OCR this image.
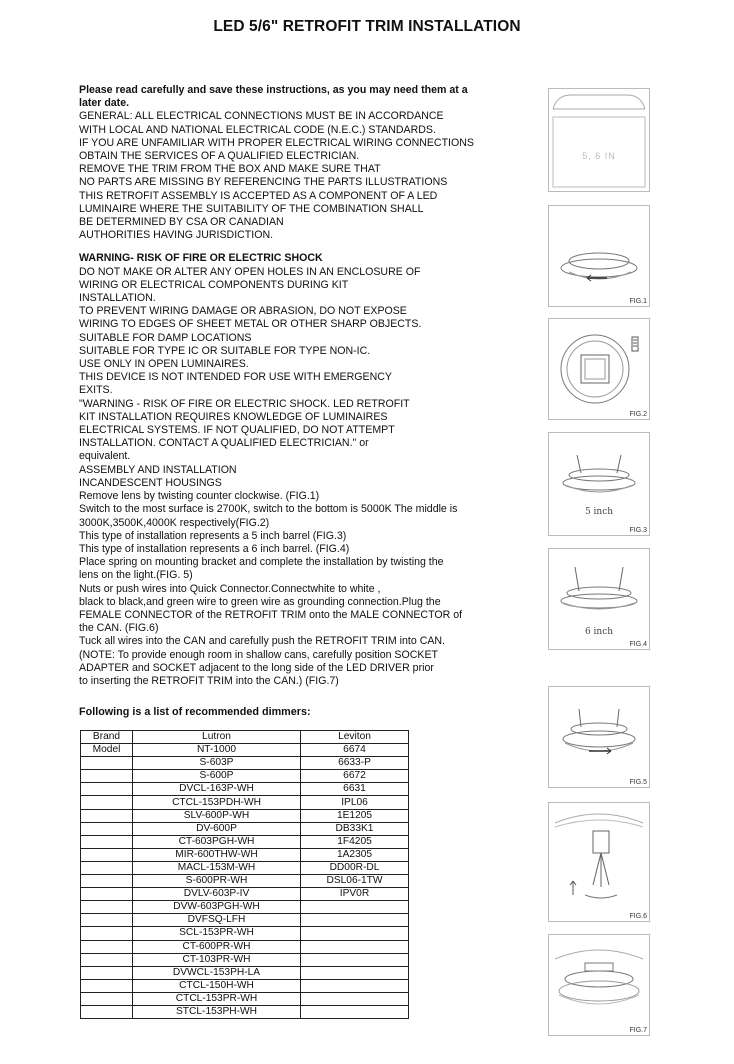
LED 5/6" RETROFIT TRIM INSTALLATION

Please read carefully and save these instructions, as you may need them at a
later date.

GENERAL: ALL ELECTRICAL CONNECTIONS MUST BE IN ACCORDANCE
WITH LOCAL AND NATIONAL ELECTRICAL CODE (N.E.C.) STANDARDS.
IF YOU ARE UNFAMILIAR WITH PROPER ELECTRICAL WIRING CONNECTIONS
OBTAIN THE SERVICES OF A QUALIFIED ELECTRICIAN.
REMOVE THE TRIM FROM THE BOX AND MAKE SURE THAT
NO PARTS ARE MISSING BY REFERENCING THE PARTS ILLUSTRATIONS
THIS RETROFIT ASSEMBLY IS ACCEPTED AS A COMPONENT OF A LED
LUMINAIRE WHERE THE SUITABILITY OF THE COMBINATION SHALL
BE DETERMINED BY CSA OR CANADIAN
AUTHORITIES HAVING JURISDICTION.

WARNING- RISK OF FIRE OR ELECTRIC SHOCK
DO NOT MAKE OR ALTER ANY OPEN HOLES IN AN ENCLOSURE OF
WIRING OR ELECTRICAL COMPONENTS DURING KIT
INSTALLATION.
TO PREVENT WIRING DAMAGE OR ABRASION, DO NOT EXPOSE
WIRING TO EDGES OF SHEET METAL OR OTHER SHARP OBJECTS.
SUITABLE FOR DAMP LOCATIONS
SUITABLE FOR TYPE IC OR SUITABLE FOR TYPE NON-IC.
USE ONLY IN OPEN LUMINAIRES.
THIS DEVICE IS NOT INTENDED FOR USE WITH EMERGENCY
EXITS.
"WARNING - RISK OF FIRE OR ELECTRIC SHOCK. LED RETROFIT
KIT INSTALLATION REQUIRES KNOWLEDGE OF LUMINAIRES
ELECTRICAL SYSTEMS. IF NOT QUALIFIED, DO NOT ATTEMPT
INSTALLATION. CONTACT A QUALIFIED ELECTRICIAN." or
equivalent.
ASSEMBLY AND INSTALLATION
INCANDESCENT HOUSINGS
Remove lens by twisting counter clockwise. (FIG.1)
Switch to the most surface is 2700K, switch to the bottom is 5000K The middle is
3000K,3500K,4000K respectively(FIG.2)
This type of installation represents a 5 inch barrel (FIG.3)
This type of installation represents a 6 inch barrel. (FIG.4)
Place spring on mounting bracket and complete the installation by twisting the
lens on the light.(FIG. 5)
Nuts or push wires into Quick Connector.Connectwhite to white ,
black to black,and green wire to green wire as grounding connection.Plug the
FEMALE CONNECTOR of the RETROFIT TRIM onto the MALE CONNECTOR of
the CAN. (FIG.6)
Tuck all wires into the CAN and carefully push the RETROFIT TRIM into CAN.
(NOTE: To provide enough room in shallow cans, carefully position SOCKET
ADAPTER and SOCKET adjacent to the long side of the LED DRIVER prior
to inserting the RETROFIT TRIM into the CAN.) (FIG.7)

Following is a list of recommended dimmers:
Brand	Lutron	Leviton
Model	NT-1000	6674
	S-603P	6633-P
	S-600P	6672
	DVCL-163P-WH	6631
	CTCL-153PDH-WH	IPL06
	SLV-600P-WH	1E1205
	DV-600P	DB33K1
	CT-603PGH-WH	1F4205
	MIR-600THW-WH	1A2305
	MACL-153M-WH	DD00R-DL
	S-600PR-WH	DSL06-1TW
	DVLV-603P-IV	IPV0R
	DVW-603PGH-WH	
	DVFSQ-LFH	
	SCL-153PR-WH	
	CT-600PR-WH	
	CT-103PR-WH	
	DVWCL-153PH-LA	
	CTCL-150H-WH	
	CTCL-153PR-WH	
	STCL-153PH-WH	
5, 6 IN
FIG.1
FIG.2
5 inch
FIG.3
6 inch
FIG.4
FIG.5
FIG.6
FIG.7
